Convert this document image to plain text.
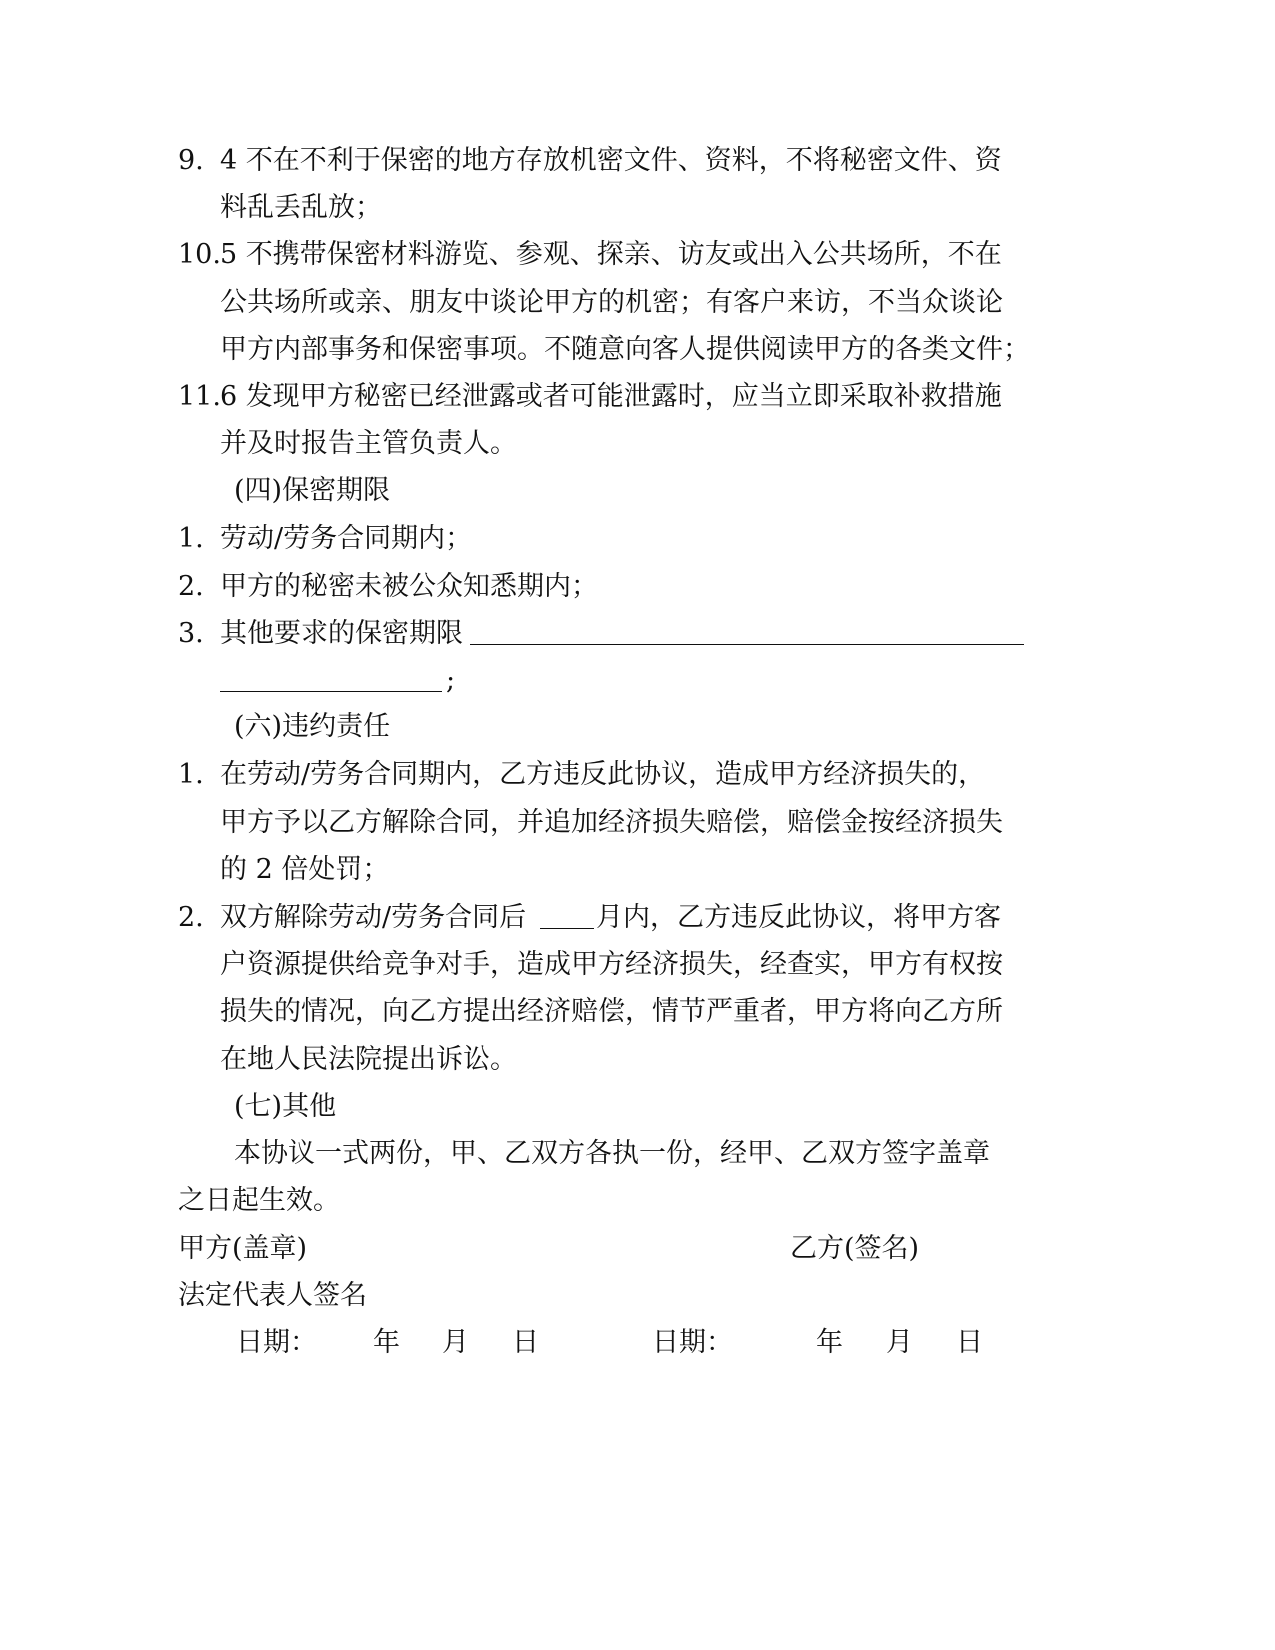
9. 4 不在不利于保密的地方存放机密文件、资料，不将秘密文件、资
料乱丢乱放；
10. 5 不携带保密材料游览、参观、探亲、访友或出入公共场所，不在
公共场所或亲、朋友中谈论甲方的机密；有客户来访，不当众谈论
甲方内部事务和保密事项。不随意向客人提供阅读甲方的各类文件；
11. 6 发现甲方秘密已经泄露或者可能泄露时，应当立即采取补救措施
并及时报告主管负责人。
(四)保密期限
1. 劳动/劳务合同期内；
2. 甲方的秘密未被公众知悉期内；
3. 其他要求的保密期限
;
(六)违约责任
1. 在劳动/劳务合同期内，乙方违反此协议，造成甲方经济损失的，
甲方予以乙方解除合同，并追加经济损失赔偿，赔偿金按经济损失
的 2 倍处罚；
2. 双方解除劳动/劳务合同后	月内，乙方违反此协议，将甲方客
户资源提供给竞争对手，造成甲方经济损失，经查实，甲方有权按
损失的情况，向乙方提出经济赔偿，情节严重者，甲方将向乙方所
在地人民法院提出诉讼。
(七)其他
本协议一式两份，甲、乙双方各执一份，经甲、乙双方签字盖章
之日起生效。
甲方(盖章)	乙方(签名)
法定代表人签名
日期： 年 月 日	日期：	年 月 日
